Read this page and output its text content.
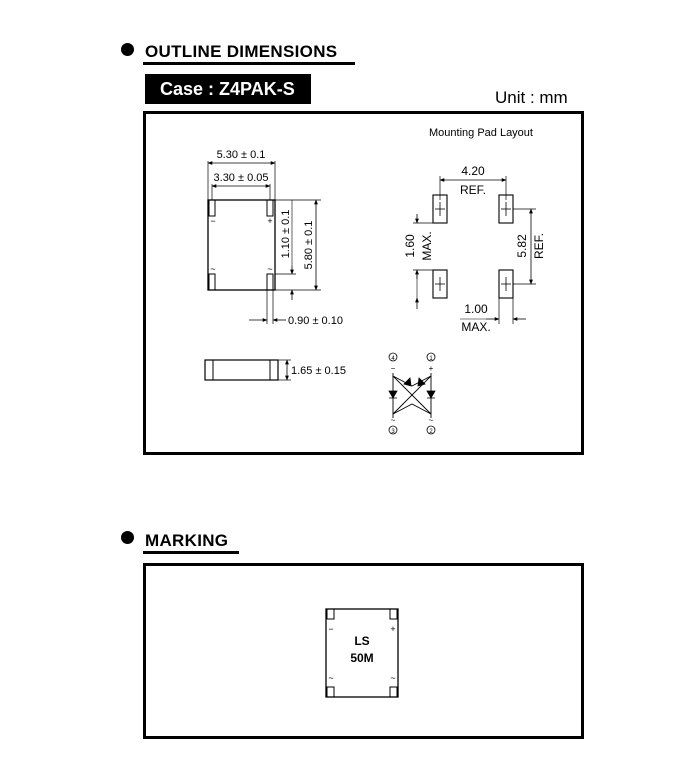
OUTLINE DIMENSIONS
Case : Z4PAK-S	Unit : mm
−	+
~	~
5.30 ± 0.1
3.30 ± 0.05
5.80 ± 0.1
1.10 ± 0.1
0.90 ± 0.10
1.65 ± 0.15
Mounting Pad Layout
4.20
REF.
5.82 REF.
1.60 MAX.
1.00
MAX.
4	1
3	2
−	+
~	~
MARKING
−	+
~	~
LS
50M
